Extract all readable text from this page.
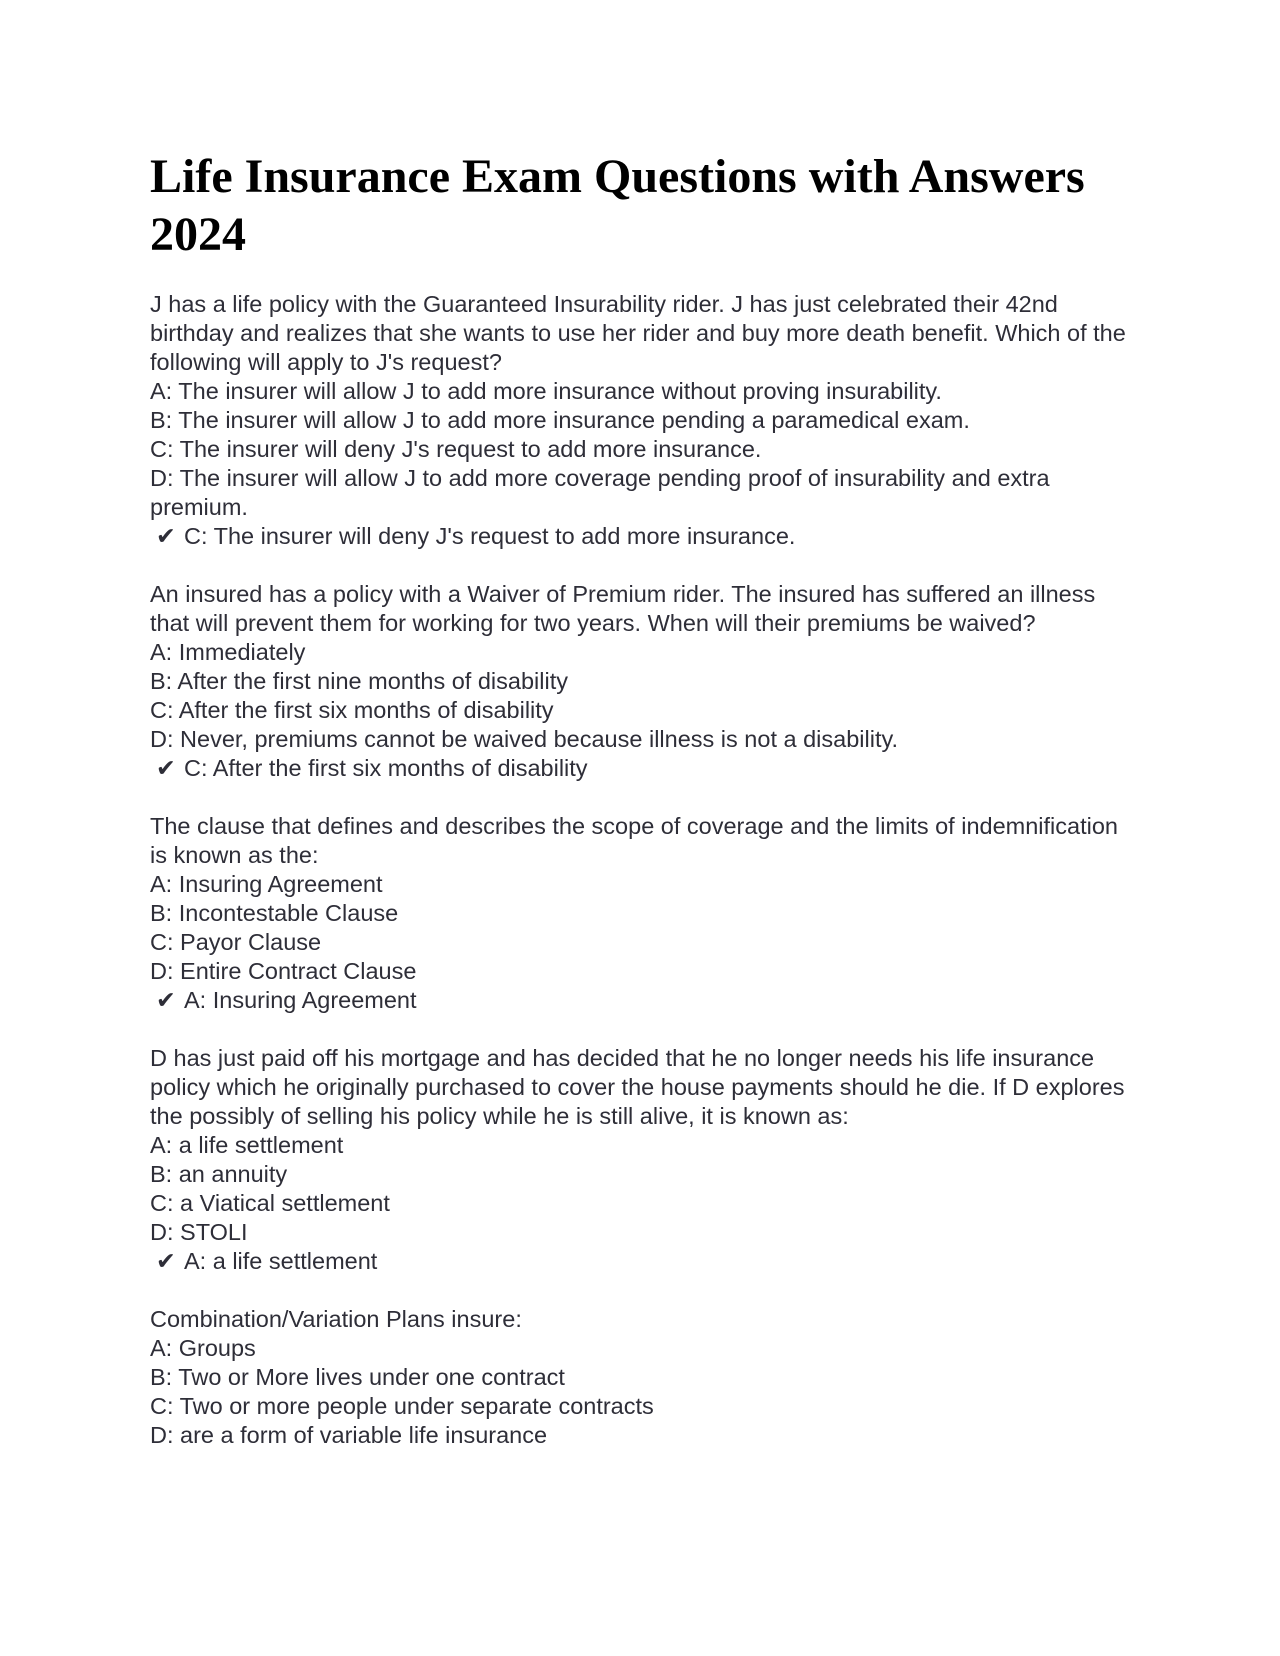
Life Insurance Exam Questions with Answers 2024
J has a life policy with the Guaranteed Insurability rider. J has just celebrated their 42nd birthday and realizes that she wants to use her rider and buy more death benefit. Which of the following will apply to J's request?
A: The insurer will allow J to add more insurance without proving insurability.
B: The insurer will allow J to add more insurance pending a paramedical exam.
C: The insurer will deny J's request to add more insurance.
D: The insurer will allow J to add more coverage pending proof of insurability and extra premium.
✔ C: The insurer will deny J's request to add more insurance.
An insured has a policy with a Waiver of Premium rider. The insured has suffered an illness that will prevent them for working for two years. When will their premiums be waived?
A: Immediately
B: After the first nine months of disability
C: After the first six months of disability
D: Never, premiums cannot be waived because illness is not a disability.
✔ C: After the first six months of disability
The clause that defines and describes the scope of coverage and the limits of indemnification is known as the:
A: Insuring Agreement
B: Incontestable Clause
C: Payor Clause
D: Entire Contract Clause
✔ A: Insuring Agreement
D has just paid off his mortgage and has decided that he no longer needs his life insurance policy which he originally purchased to cover the house payments should he die. If D explores the possibly of selling his policy while he is still alive, it is known as:
A: a life settlement
B: an annuity
C: a Viatical settlement
D: STOLI
✔ A: a life settlement
Combination/Variation Plans insure:
A: Groups
B: Two or More lives under one contract
C: Two or more people under separate contracts
D: are a form of variable life insurance
